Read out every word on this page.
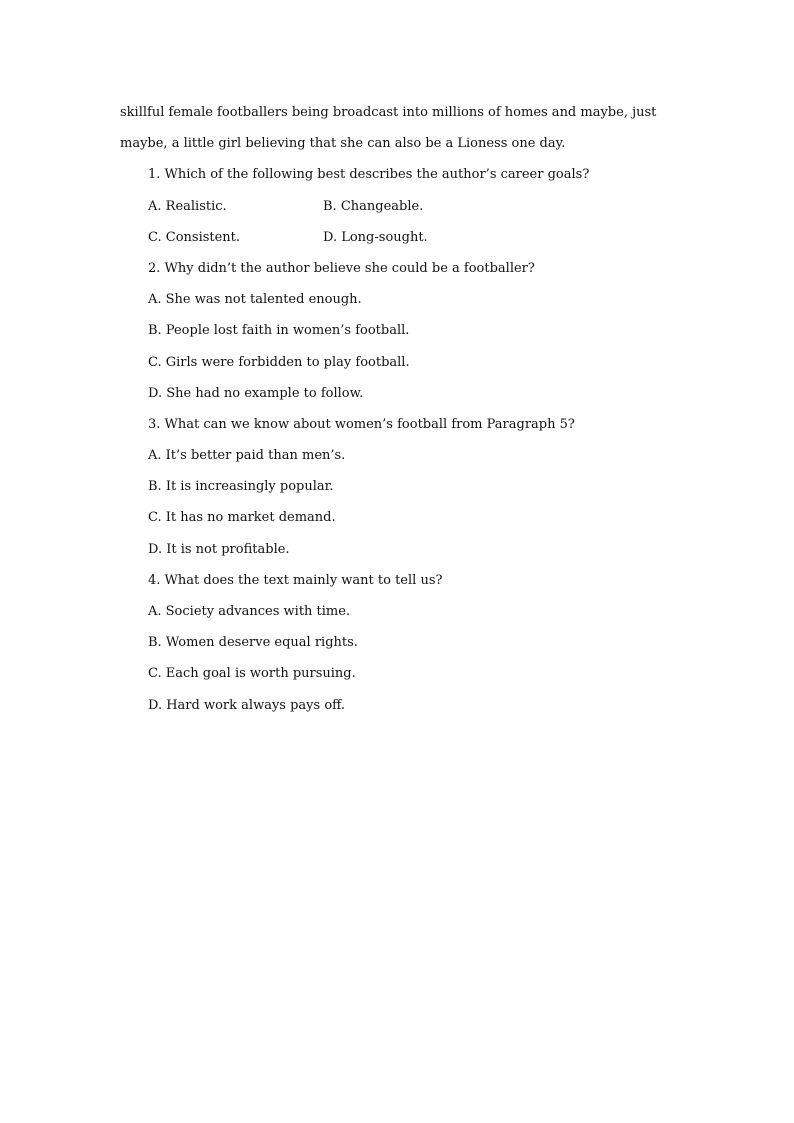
skillful female footballers being broadcast into millions of homes and maybe, just
maybe, a little girl believing that she can also be a Lioness one day.
1. Which of the following best describes the author’s career goals?
A. Realistic.	B. Changeable.
C. Consistent.	D. Long-sought.
2. Why didn’t the author believe she could be a footballer?
A. She was not talented enough.
B. People lost faith in women’s football.
C. Girls were forbidden to play football.
D. She had no example to follow.
3. What can we know about women’s football from Paragraph 5?
A. It’s better paid than men’s.
B. It is increasingly popular.
C. It has no market demand.
D. It is not profitable.
4. What does the text mainly want to tell us?
A. Society advances with time.
B. Women deserve equal rights.
C. Each goal is worth pursuing.
D. Hard work always pays off.
